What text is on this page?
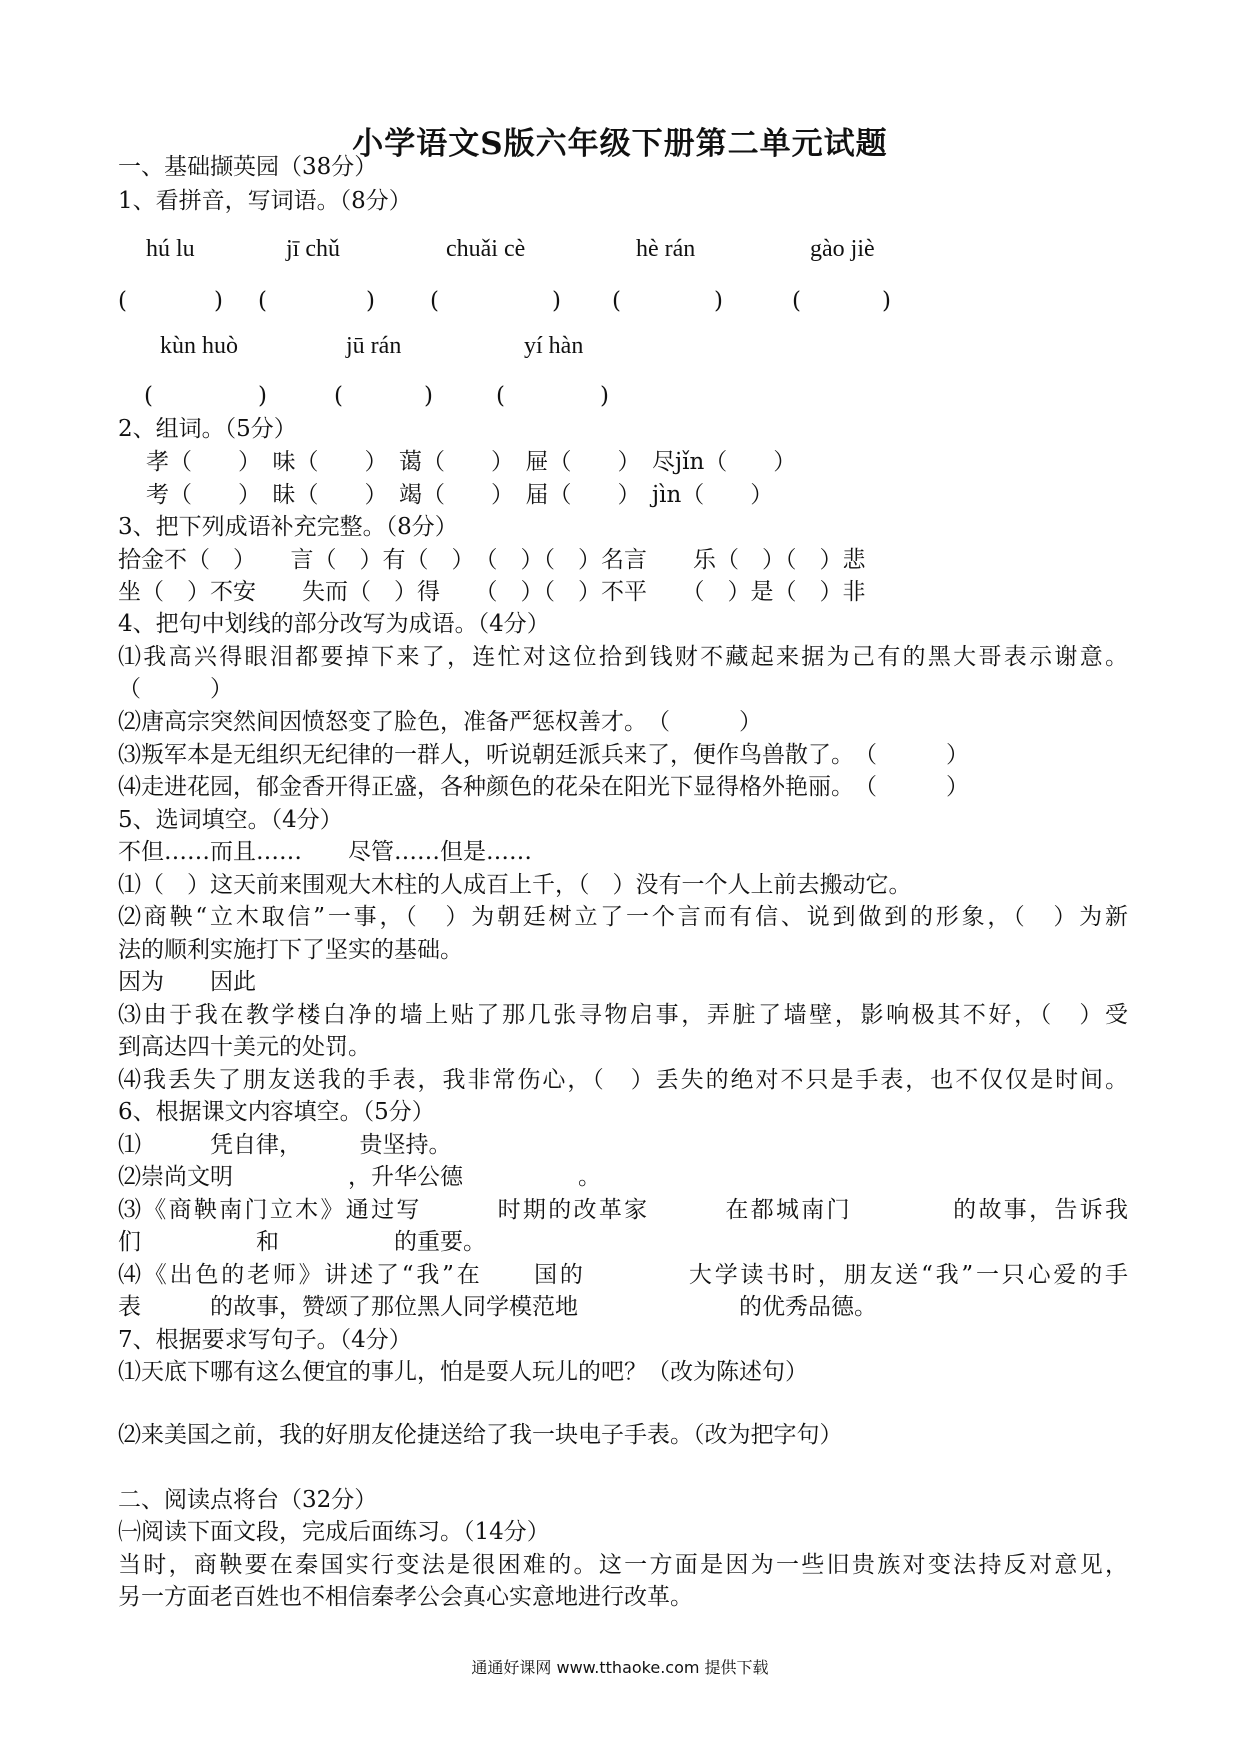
小学语文S版六年级下册第二单元试题
一、基础撷英园（38分）
1、看拼音，写词语。（8分）
hú lu	jī chǔ	chuǎi cè	hè rán	gào jiè
(	) (	) (	) (	)	(	)
kùn huò	jū rán	yí hàn
(	)	(	)	(	)
2、组词。（5分）
孝（　　）　味（　　）　蔼（　　）　屉（　　）　尽jǐn（　　）
考（　　）　昧（　　）　竭（　　）　届（　　）　jìn（　　）
3、把下列成语补充完整。（8分）
拾金不（　）　　言（　）有（　）　（　）（　）名言　　乐（　）（　）悲
坐（　）不安　　失而（　）得　　（　）（　）不平　　（　）是（　）非
4、把句中划线的部分改写为成语。（4分）
⑴我高兴得眼泪都要掉下来了，连忙对这位拾到钱财不藏起来据为己有的黑大哥表示谢意。
（　　　）
⑵唐高宗突然间因愤怒变了脸色，准备严惩权善才。　（　　　）
⑶叛军本是无组织无纪律的一群人，听说朝廷派兵来了，便作鸟兽散了。　（　　　）
⑷走进花园，郁金香开得正盛，各种颜色的花朵在阳光下显得格外艳丽。　（　　　）
5、选词填空。（4分）
不但……而且……　　尽管……但是……
⑴（　）这天前来围观大木柱的人成百上千，（　）没有一个人上前去搬动它。
⑵商鞅“立木取信”一事，（　）为朝廷树立了一个言而有信、说到做到的形象，（　）为新
法的顺利实施打下了坚实的基础。
因为　　因此
⑶由于我在教学楼白净的墙上贴了那几张寻物启事，弄脏了墙壁，影响极其不好，（　）受
到高达四十美元的处罚。
⑷我丢失了朋友送我的手表，我非常伤心，（　）丢失的绝对不只是手表，也不仅仅是时间。
6、根据课文内容填空。（5分）
⑴　　　凭自律，　　　贵坚持。
⑵崇尚文明　　　　　，升华公德　　　　　。
⑶《商鞅南门立木》通过写　　　时期的改革家　　　在都城南门　　　　的故事，告诉我
们　　　　　和　　　　　的重要。
⑷《出色的老师》讲述了“我”在　　国的　　　　大学读书时，朋友送“我”一只心爱的手
表　　　的故事，赞颂了那位黑人同学模范地　　　　　　　的优秀品德。
7、根据要求写句子。（4分）
⑴天底下哪有这么便宜的事儿，怕是耍人玩儿的吧？（改为陈述句）
⑵来美国之前，我的好朋友伦捷送给了我一块电子手表。（改为把字句）
二、阅读点将台（32分）
㈠阅读下面文段，完成后面练习。（14分）
当时，商鞅要在秦国实行变法是很困难的。这一方面是因为一些旧贵族对变法持反对意见，
另一方面老百姓也不相信秦孝公会真心实意地进行改革。
通通好课网 www.tthaoke.com 提供下载
